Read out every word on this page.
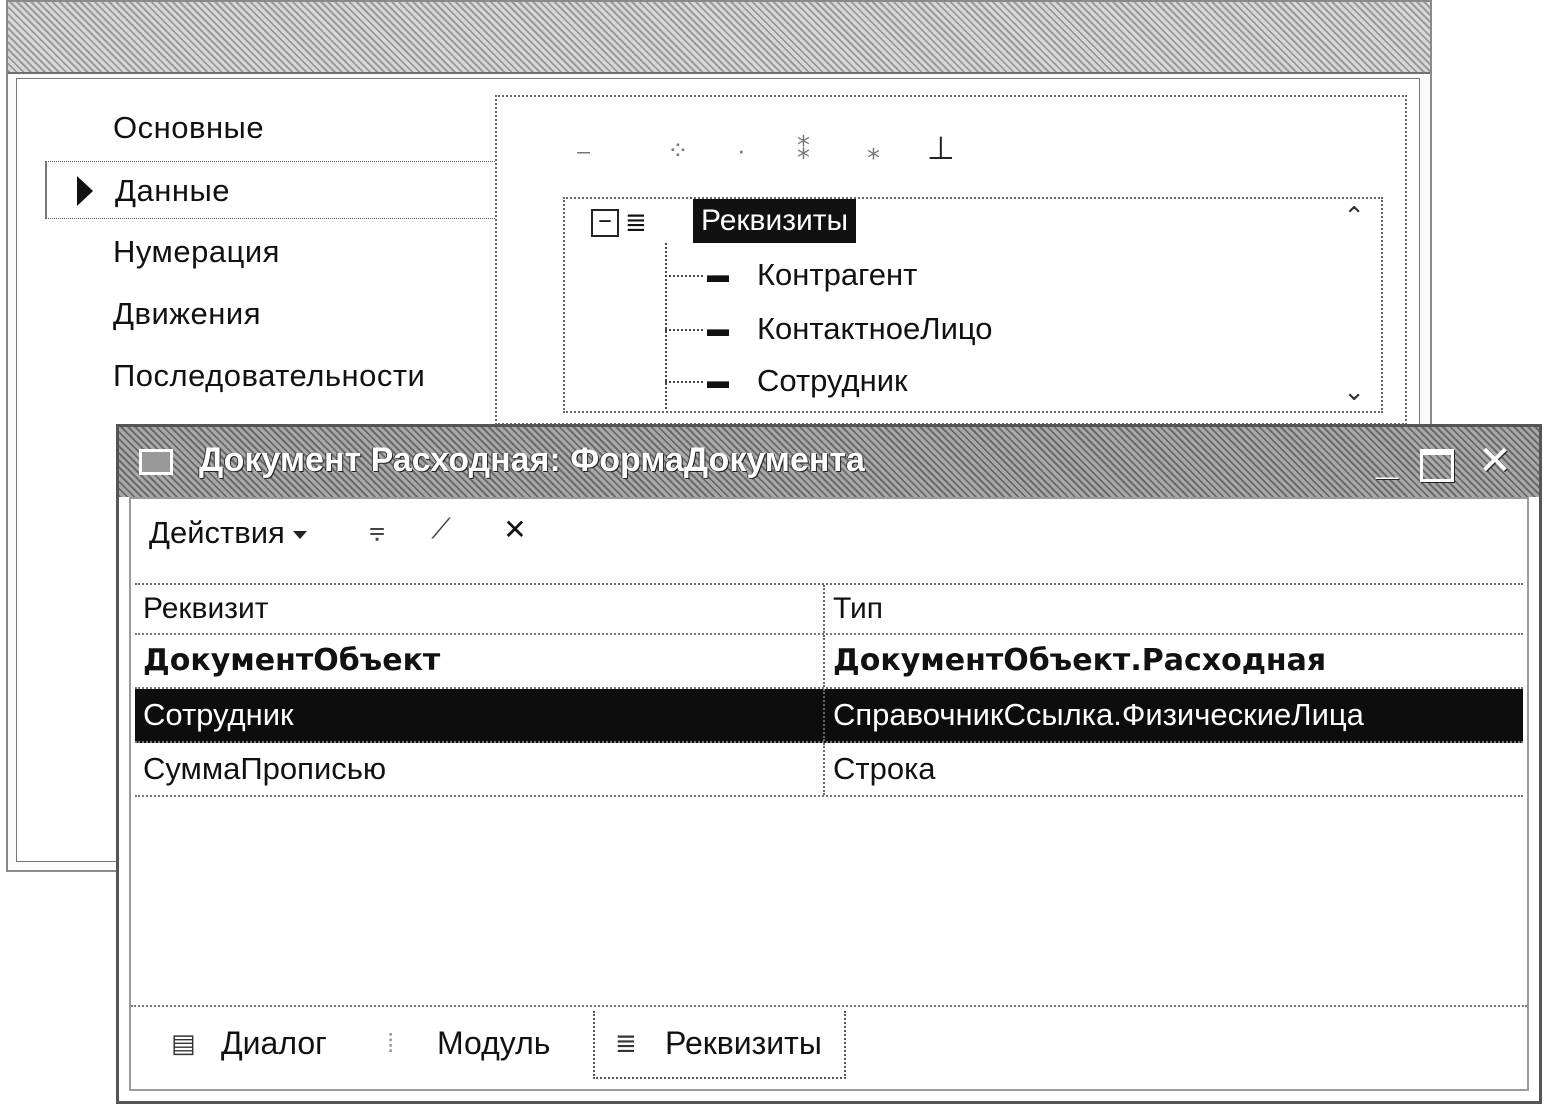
Основные
Данные
Нумерация
Движения
Последовательности
⎯	⁘ · ⁑ ⁎ ⊥
− ≣ Реквизиты
▬ Контрагент
▬ КонтактноеЛицо
▬ Сотрудник
⌃
⌄
Документ Расходная: ФормаДокумента	_ ✕
Действия	⩦	⟋	✕
Реквизит	Тип
ДокументОбъект	ДокументОбъект.Расходная
Сотрудник	СправочникСсылка.ФизическиеЛица
СуммаПрописью	Строка
▤ Диалог	⁞ Модуль	≣ Реквизиты
